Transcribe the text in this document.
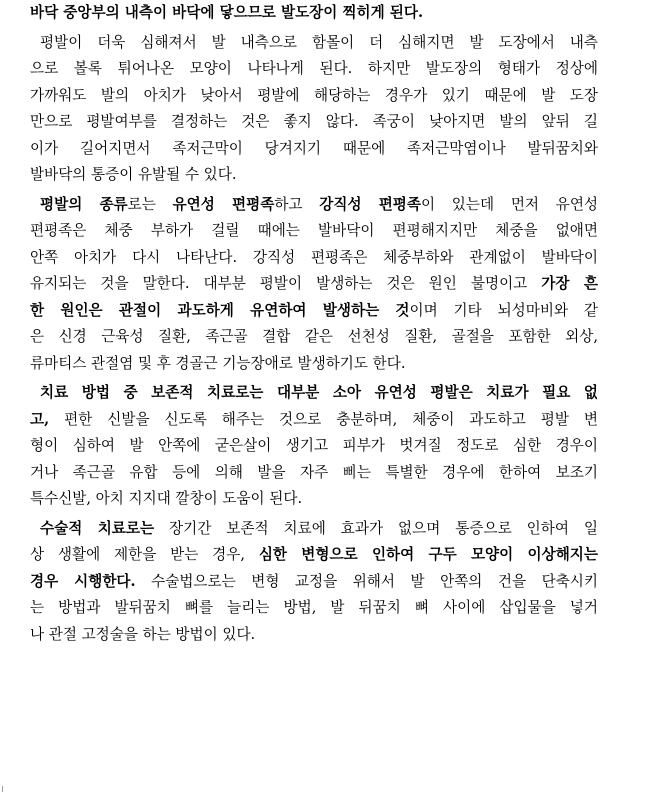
바닥 중앙부의 내측이 바닥에 닿으므로 발도장이 찍히게 된다.
평발이 더욱 심해져서 발 내측으로 함몰이 더 심해지면 발 도장에서 내측
으로 볼록 튀어나온 모양이 나타나게 된다. 하지만 발도장의 형태가 정상에
가까워도 발의 아치가 낮아서 평발에 해당하는 경우가 있기 때문에 발 도장
만으로 평발여부를 결정하는 것은 좋지 않다. 족궁이 낮아지면 발의 앞뒤 길
이가 길어지면서 족저근막이 당겨지기 때문에 족저근막염이나 발뒤꿈치와
발바닥의 통증이 유발될 수 있다.
평발의 종류로는 유연성 편평족하고 강직성 편평족이 있는데 먼저 유연성
편평족은 체중 부하가 걸릴 때에는 발바닥이 편평해지지만 체중을 없애면
안쪽 아치가 다시 나타난다. 강직성 편평족은 체중부하와 관계없이 발바닥이
유지되는 것을 말한다. 대부분 평발이 발생하는 것은 원인 불명이고 가장 흔
한 원인은 관절이 과도하게 유연하여 발생하는 것이며 기타 뇌성마비와 같
은 신경 근육성 질환, 족근골 결합 같은 선천성 질환, 골절을 포함한 외상,
류마티스 관절염 및 후 경골근 기능장애로 발생하기도 한다.
치료 방법 중 보존적 치료로는 대부분 소아 유연성 평발은 치료가 필요 없
고, 편한 신발을 신도록 해주는 것으로 충분하며, 체중이 과도하고 평발 변
형이 심하여 발 안쪽에 굳은살이 생기고 피부가 벗겨질 정도로 심한 경우이
거나 족근골 유합 등에 의해 발을 자주 삐는 특별한 경우에 한하여 보조기
특수신발, 아치 지지대 깔창이 도움이 된다.
수술적 치료로는 장기간 보존적 치료에 효과가 없으며 통증으로 인하여 일
상 생활에 제한을 받는 경우, 심한 변형으로 인하여 구두 모양이 이상해지는
경우 시행한다. 수술법으로는 변형 교정을 위해서 발 안쪽의 건을 단축시키
는 방법과 발뒤꿈치 뼈를 늘리는 방법, 발 뒤꿈치 뼈 사이에 삽입물을 넣거
나 관절 고정술을 하는 방법이 있다.
